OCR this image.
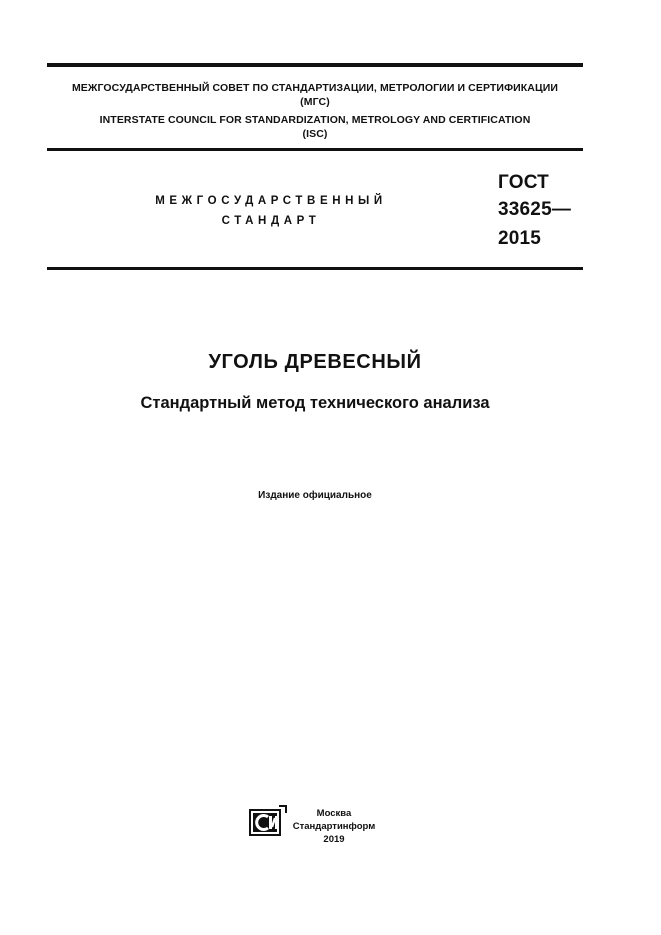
МЕЖГОСУДАРСТВЕННЫЙ СОВЕТ ПО СТАНДАРТИЗАЦИИ, МЕТРОЛОГИИ И СЕРТИФИКАЦИИ
(МГС)
INTERSTATE COUNCIL FOR STANDARDIZATION, METROLOGY AND CERTIFICATION
(ISC)
МЕЖГОСУДАРСТВЕННЫЙ
СТАНДАРТ
ГОСТ
33625—
2015
УГОЛЬ ДРЕВЕСНЫЙ
Стандартный метод технического анализа
Издание официальное
Москва
Стандартинформ
2019
